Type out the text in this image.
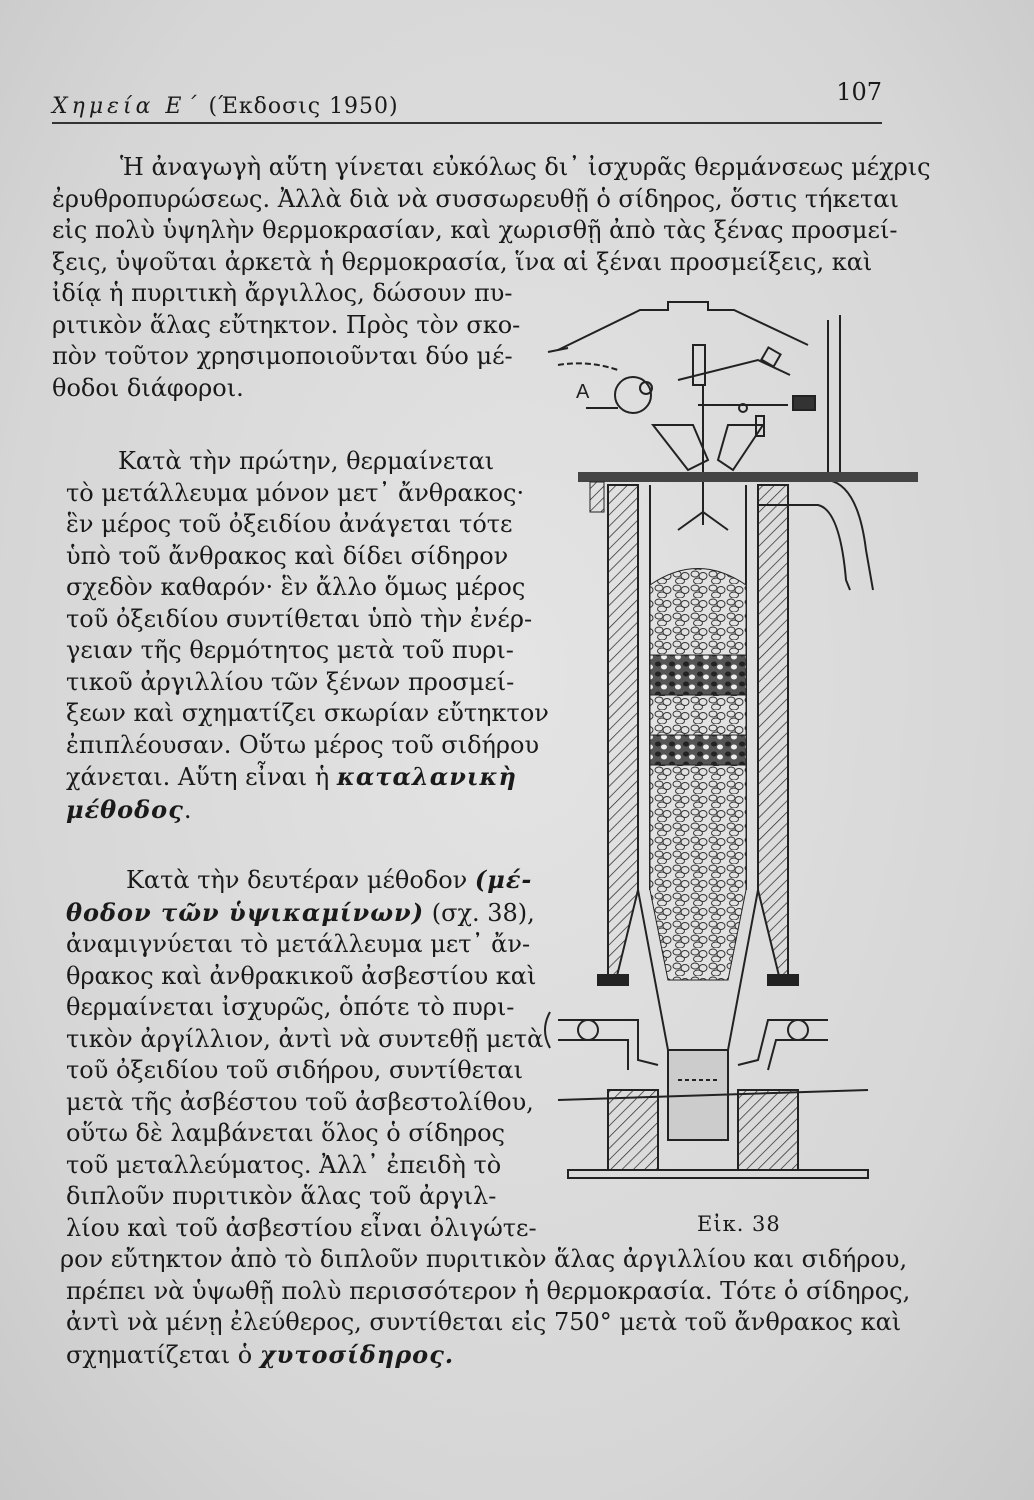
Χημεία Ε΄ (Έκδοσις 1950)
107
Ἡ ἀναγωγὴ αὕτη γίνεται εὐκόλως δι᾽ ἰσχυρᾶς θερμάνσεως μέχρις
ἐρυθροπυρώσεως. Ἀλλὰ διὰ νὰ συσσωρευθῇ ὁ σίδηρος, ὅστις τήκεται
εἰς πολὺ ὑψηλὴν θερμοκρασίαν, καὶ χωρισθῇ ἀπὸ τὰς ξένας προσμεί-
ξεις, ὑψοῦται ἀρκετὰ ἡ θερμοκρασία, ἵνα αἱ ξέναι προσμείξεις, καὶ
ἰδίᾳ ἡ πυριτικὴ ἄργιλλος, δώσουν πυ-
ριτικὸν ἅλας εὔτηκτον. Πρὸς τὸν σκο-
πὸν τοῦτον χρησιμοποιοῦνται δύο μέ-
θοδοι διάφοροι.
Κατὰ τὴν πρώτην, θερμαίνεται
τὸ μετάλλευμα μόνον μετ᾽ ἄνθρακος·
ἓν μέρος τοῦ ὀξειδίου ἀνάγεται τότε
ὑπὸ τοῦ ἄνθρακος καὶ δίδει σίδηρον
σχεδὸν καθαρόν· ἓν ἄλλο ὅμως μέρος
τοῦ ὀξειδίου συντίθεται ὑπὸ τὴν ἐνέρ-
γειαν τῆς θερμότητος μετὰ τοῦ πυρι-
τικοῦ ἀργιλλίου τῶν ξένων προσμεί-
ξεων καὶ σχηματίζει σκωρίαν εὔτηκτον
ἐπιπλέουσαν. Οὕτω μέρος τοῦ σιδήρου
χάνεται. Αὕτη εἶναι ἡ καταλανικὴ
μέθοδος.
Κατὰ τὴν δευτέραν μέθοδον (μέ-
θοδον τῶν ὑψικαμίνων) (σχ. 38),
ἀναμιγνύεται τὸ μετάλλευμα μετ᾽ ἄν-
θρακος καὶ ἀνθρακικοῦ ἀσβεστίου καὶ
θερμαίνεται ἰσχυρῶς, ὁπότε τὸ πυρι-
τικὸν ἀργίλλιον, ἀντὶ νὰ συντεθῇ μετὰ
τοῦ ὀξειδίου τοῦ σιδήρου, συντίθεται
μετὰ τῆς ἀσβέστου τοῦ ἀσβεστολίθου,
οὕτω δὲ λαμβάνεται ὅλος ὁ σίδηρος
τοῦ μεταλλεύματος. Ἀλλ᾽ ἐπειδὴ τὸ
διπλοῦν πυριτικὸν ἅλας τοῦ ἀργιλ-
λίου καὶ τοῦ ἀσβεστίου εἶναι ὀλιγώτε-
ρον εὔτηκτον ἀπὸ τὸ διπλοῦν πυριτικὸν ἅλας ἀργιλλίου και σιδήρου,
πρέπει νὰ ὑψωθῇ πολὺ περισσότερον ἡ θερμοκρασία. Τότε ὁ σίδηρος,
ἀντὶ νὰ μένῃ ἐλεύθερος, συντίθεται εἰς 750° μετὰ τοῦ ἄνθρακος καὶ
σχηματίζεται ὁ χυτοσίδηρος.
A
Εἰκ. 38
